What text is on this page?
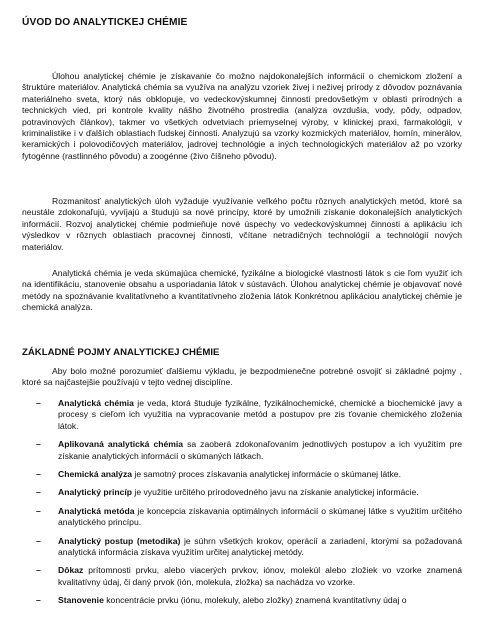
ÚVOD DO ANALYTICKEJ CHÉMIE

Úlohou analytickej chémie je získavanie čo možno najdokonalejších informácií o chemickom zložení a štruktúre materiálov. Analytická chémia sa využíva na analýzu vzoriek živej i neživej prírody z dôvodov poznávania materiálneho sveta, ktorý nás obklopuje, vo vedeckovýskumnej činnosti predovšetkým v oblasti prírodných a technických vied, pri kontrole kvality nášho životného prostredia (analýza ovzdušia, vody, pôdy, odpadov, potravinových článkov), takmer vo všetkých odvetviach priemyselnej výroby, v klinickej praxi, farmakológii, v kriminalistike i v ďalších oblastiach ľudskej činnosti. Analyzujú sa vzorky kozmických materiálov, hornín, minerálov, keramických i polovodičových materiálov, jadrovej technológie a iných technologických materiálov až po vzorky fytogénne (rastlinného pôvodu) a zoogénne (živo číšneho pôvodu).

Rozmanitosť analytických úloh vyžaduje využívanie veľkého počtu rôznych analytických metód, ktoré sa neustále zdokonaľujú, vyvíjajú a študujú sa nové princípy, ktoré by umožnili získanie dokonalejších analytických informácií. Rozvoj analytickej chémie podmieňuje nové úspechy vo vedeckovýskumnej činnosti a aplikáciu ich výsledkov v rôznych oblastiach pracovnej činnosti, včítane netradičných technológií a technológií nových materiálov.

Analytická chémia je veda skúmajúca chemické, fyzikálne a biologické vlastnosti látok s cie ľom využiť ich na identifikáciu, stanovenie obsahu a usporiadania látok v sústavách. Úlohou analytickej chémie je objavovať nové metódy na spoznávanie kvalitatívneho a kvantitatívneho zloženia látok Konkrétnou aplikáciou analytickej chémie je chemická analýza.

ZÁKLADNÉ POJMY ANALYTICKEJ CHÉMIE

Aby bolo možné porozumieť ďalšiemu výkladu, je bezpodmienečne potrebné osvojiť si základné pojmy , ktoré sa najčastejšie používajú v tejto vednej disciplíne.

– Analytická chémia je veda, ktorá študuje fyzikálne, fyzikálnochemické, chemické a biochemické javy a procesy s cieľom ich využitia na vypracovanie metód a postupov pre zis ťovanie chemického zloženia látok.
– Aplikovaná analytická chémia sa zaoberá zdokonaľovaním jednotlivých postupov a ich využitím pre získanie analytických informácií o skúmaných látkach.
– Chemická analýza je samotný proces získavania analytickej informácie o skúmanej látke.
– Analytický princíp je využitie určitého prírodovedného javu na získanie analytickej informácie.
– Analytická metóda je koncepcia získavania optimálnych informácií o skúmanej látke s využitím určitého analytického princípu.
– Analytický postup (metodika) je súhrn všetkých krokov, operácií a zariadení, ktorými sa požadovaná analytická informácia získava využitím určitej analytickej metódy.
– Dôkaz prítomnosti prvku, alebo viacerých prvkov, iónov, molekúl alebo zložiek vo vzorke znamená kvalitatívny údaj, či daný prvok (ión, molekula, zložka) sa nachádza vo vzorke.
– Stanovenie koncentrácie prvku (iónu, molekuly, alebo zložky) znamená kvantitatívny údaj o
